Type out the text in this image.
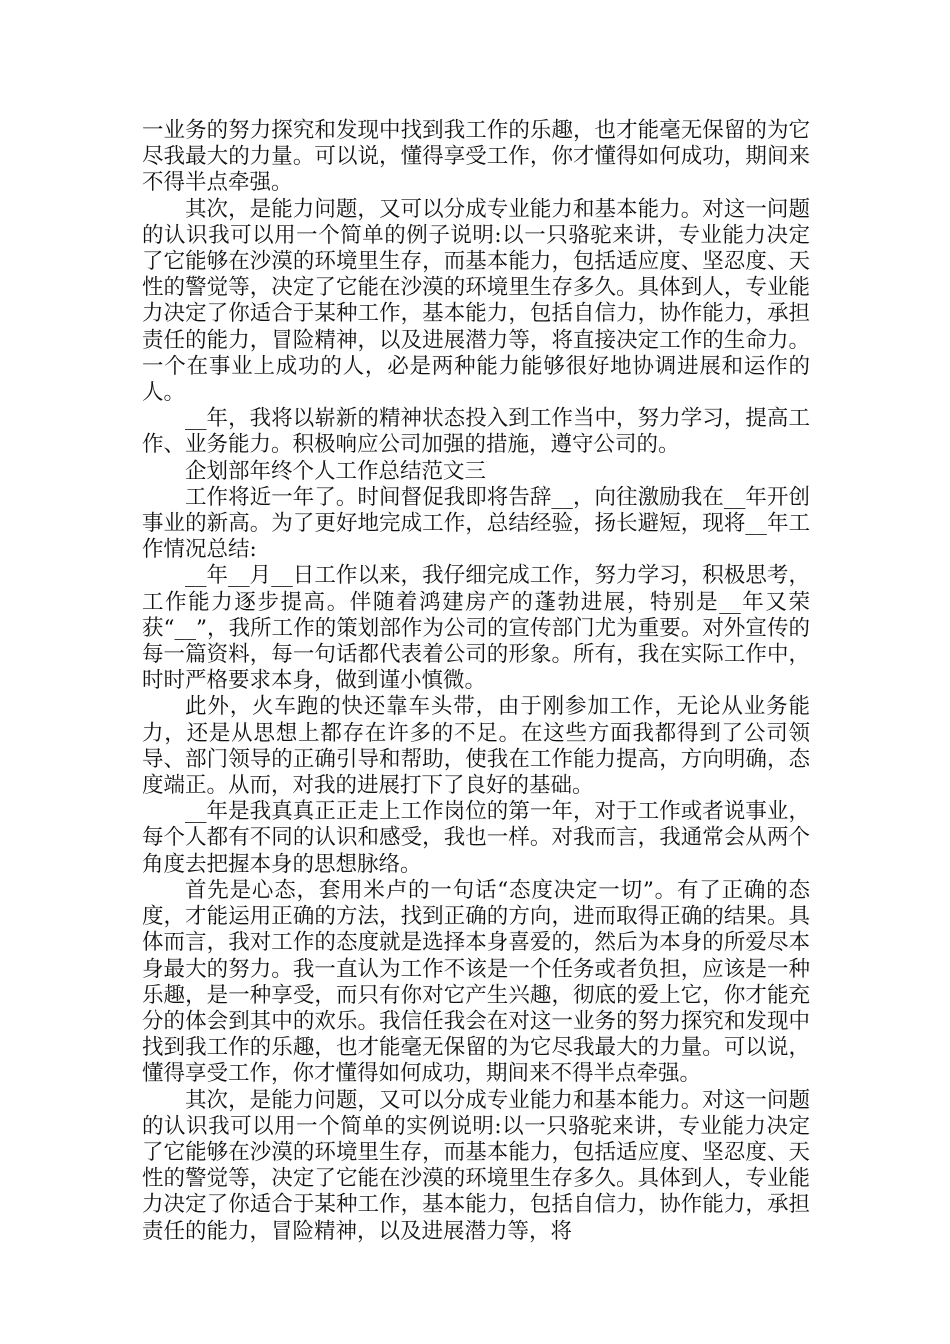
一业务的努力探究和发现中找到我工作的乐趣，也才能毫无保留的为它尽我最大的力量。可以说，懂得享受工作，你才懂得如何成功，期间来不得半点牵强。

其次，是能力问题，又可以分成专业能力和基本能力。对这一问题的认识我可以用一个简单的例子说明:以一只骆驼来讲，专业能力决定了它能够在沙漠的环境里生存，而基本能力，包括适应度、坚忍度、天性的警觉等，决定了它能在沙漠的环境里生存多久。具体到人，专业能力决定了你适合于某种工作，基本能力，包括自信力，协作能力，承担责任的能力，冒险精神，以及进展潜力等，将直接决定工作的生命力。一个在事业上成功的人，必是两种能力能够很好地协调进展和运作的人。

__年，我将以崭新的精神状态投入到工作当中，努力学习，提高工作、业务能力。积极响应公司加强的措施，遵守公司的。

企划部年终个人工作总结范文三

工作将近一年了。时间督促我即将告辞__，向往激励我在__年开创事业的新高。为了更好地完成工作，总结经验，扬长避短，现将__年工作情况总结:

__年__月__日工作以来，我仔细完成工作，努力学习，积极思考，工作能力逐步提高。伴随着鸿建房产的蓬勃进展，特别是__年又荣获“__”，我所工作的策划部作为公司的宣传部门尤为重要。对外宣传的每一篇资料，每一句话都代表着公司的形象。所有，我在实际工作中，时时严格要求本身，做到谨小慎微。

此外，火车跑的快还靠车头带，由于刚参加工作，无论从业务能力，还是从思想上都存在许多的不足。在这些方面我都得到了公司领导、部门领导的正确引导和帮助，使我在工作能力提高，方向明确，态度端正。从而，对我的进展打下了良好的基础。

__年是我真真正正走上工作岗位的第一年，对于工作或者说事业，每个人都有不同的认识和感受，我也一样。对我而言，我通常会从两个角度去把握本身的思想脉络。

首先是心态，套用米卢的一句话“态度决定一切”。有了正确的态度，才能运用正确的方法，找到正确的方向，进而取得正确的结果。具体而言，我对工作的态度就是选择本身喜爱的，然后为本身的所爱尽本身最大的努力。我一直认为工作不该是一个任务或者负担，应该是一种乐趣，是一种享受，而只有你对它产生兴趣，彻底的爱上它，你才能充分的体会到其中的欢乐。我信任我会在对这一业务的努力探究和发现中找到我工作的乐趣，也才能毫无保留的为它尽我最大的力量。可以说，懂得享受工作，你才懂得如何成功，期间来不得半点牵强。

其次，是能力问题，又可以分成专业能力和基本能力。对这一问题的认识我可以用一个简单的实例说明:以一只骆驼来讲，专业能力决定了它能够在沙漠的环境里生存，而基本能力，包括适应度、坚忍度、天性的警觉等，决定了它能在沙漠的环境里生存多久。具体到人，专业能力决定了你适合于某种工作，基本能力，包括自信力，协作能力，承担责任的能力，冒险精神，以及进展潜力等，将
